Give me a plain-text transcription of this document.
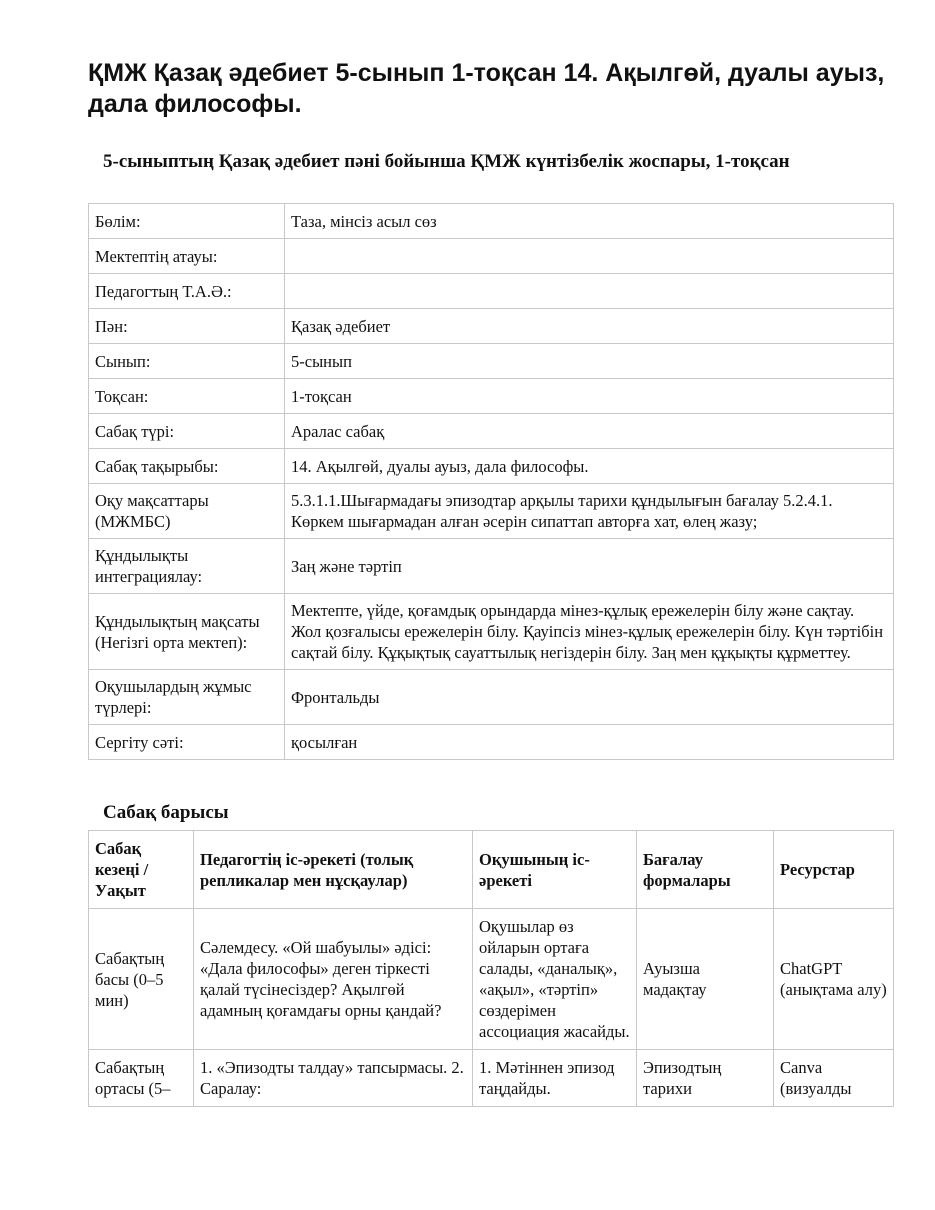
ҚМЖ Қазақ әдебиет 5-сынып 1-тоқсан 14. Ақылгөй, дуалы ауыз, дала философы.
5-сыныптың Қазақ әдебиет пәні бойынша ҚМЖ күнтізбелік жоспары, 1-тоқсан
Бөлім:	Таза, мінсіз асыл сөз
Мектептің атауы:	
Педагогтың Т.А.Ә.:	
Пән:	Қазақ әдебиет
Сынып:	5-сынып
Тоқсан:	1-тоқсан
Сабақ түрі:	Аралас сабақ
Сабақ тақырыбы:	14. Ақылгөй, дуалы ауыз, дала философы.
Оқу мақсаттары (МЖМБС)	5.3.1.1.Шығармадағы эпизодтар арқылы тарихи құндылығын бағалау 5.2.4.1. Көркем шығармадан алған әсерін сипаттап авторға хат, өлең жазу;
Құндылықты интеграциялау:	Заң және тәртіп
Құндылықтың мақсаты (Негізгі орта мектеп):	Мектепте, үйде, қоғамдық орындарда мінез-құлық ережелерін білу және сақтау. Жол қозғалысы ережелерін білу. Қауіпсіз мінез-құлық ережелерін білу. Күн тәртібін сақтай білу. Құқықтық сауаттылық негіздерін білу. Заң мен құқықты құрметтеу.
Оқушылардың жұмыс түрлері:	Фронтальды
Сергіту сәті:	қосылған
Сабақ барысы
Сабақ кезеңі / Уақыт	Педагогтің іс-әрекеті (толық репликалар мен нұсқаулар)	Оқушының іс-әрекеті	Бағалау формалары	Ресурстар
Сабақтың басы (0–5 мин)	Сәлемдесу. «Ой шабуылы» әдісі: «Дала философы» деген тіркесті қалай түсінесіздер? Ақылгөй адамның қоғамдағы орны қандай?	Оқушылар өз ойларын ортаға салады, «даналық», «ақыл», «тәртіп» сөздерімен ассоциация жасайды.	Ауызша мадақтау	ChatGPT (анықтама алу)
Сабақтың ортасы (5–	1. «Эпизодты талдау» тапсырмасы. 2. Саралау:	1. Мәтіннен эпизод таңдайды.	Эпизодтың тарихи	Canva (визуалды
